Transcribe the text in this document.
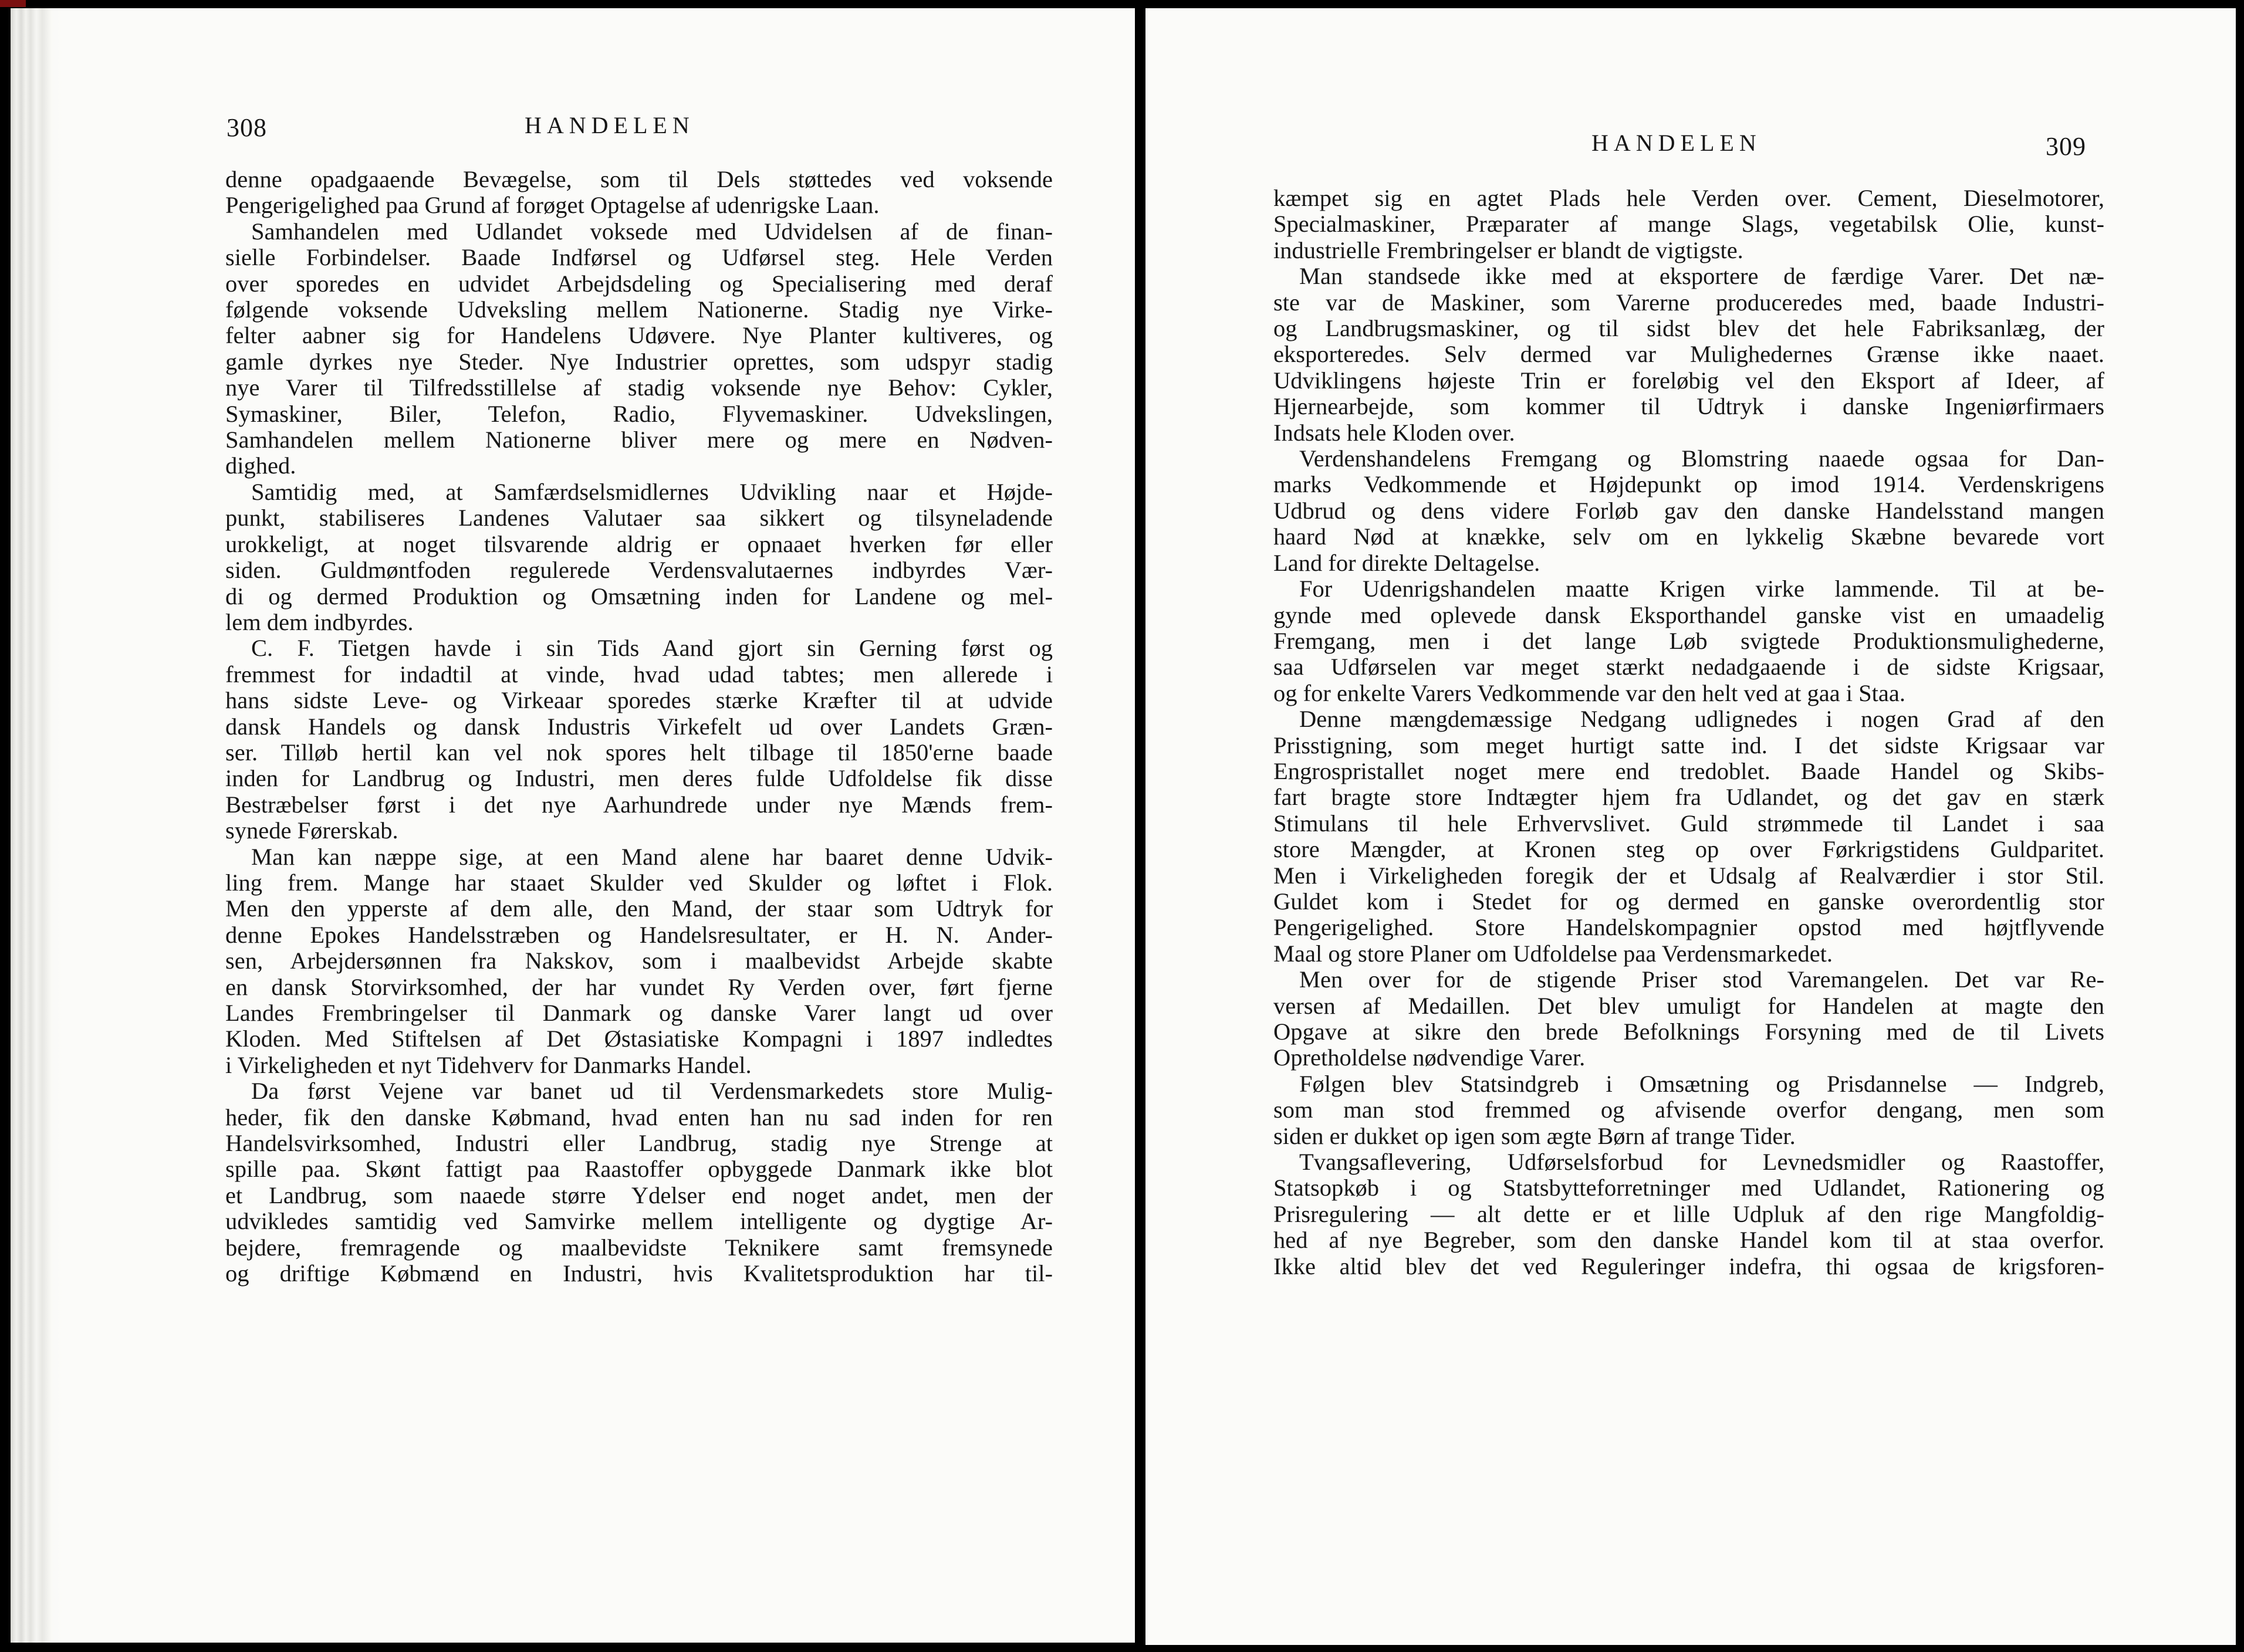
308	HANDELEN
denne opadgaaende Bevægelse, som til Dels støttedes ved voksende
Pengerigelighed paa Grund af forøget Optagelse af udenrigske Laan.
Samhandelen med Udlandet voksede med Udvidelsen af de finan-
sielle Forbindelser. Baade Indførsel og Udførsel steg. Hele Verden
over sporedes en udvidet Arbejdsdeling og Specialisering med deraf
følgende voksende Udveksling mellem Nationerne. Stadig nye Virke-
felter aabner sig for Handelens Udøvere. Nye Planter kultiveres, og
gamle dyrkes nye Steder. Nye Industrier oprettes, som udspyr stadig
nye Varer til Tilfredsstillelse af stadig voksende nye Behov: Cykler,
Symaskiner, Biler, Telefon, Radio, Flyvemaskiner. Udvekslingen,
Samhandelen mellem Nationerne bliver mere og mere en Nødven-
dighed.
Samtidig med, at Samfærdselsmidlernes Udvikling naar et Højde-
punkt, stabiliseres Landenes Valutaer saa sikkert og tilsyneladende
urokkeligt, at noget tilsvarende aldrig er opnaaet hverken før eller
siden. Guldmøntfoden regulerede Verdensvalutaernes indbyrdes Vær-
di og dermed Produktion og Omsætning inden for Landene og mel-
lem dem indbyrdes.
C. F. Tietgen havde i sin Tids Aand gjort sin Gerning først og
fremmest for indadtil at vinde, hvad udad tabtes; men allerede i
hans sidste Leve- og Virkeaar sporedes stærke Kræfter til at udvide
dansk Handels og dansk Industris Virkefelt ud over Landets Græn-
ser. Tilløb hertil kan vel nok spores helt tilbage til 1850'erne baade
inden for Landbrug og Industri, men deres fulde Udfoldelse fik disse
Bestræbelser først i det nye Aarhundrede under nye Mænds frem-
synede Førerskab.
Man kan næppe sige, at een Mand alene har baaret denne Udvik-
ling frem. Mange har staaet Skulder ved Skulder og løftet i Flok.
Men den ypperste af dem alle, den Mand, der staar som Udtryk for
denne Epokes Handelsstræben og Handelsresultater, er H. N. Ander-
sen, Arbejdersønnen fra Nakskov, som i maalbevidst Arbejde skabte
en dansk Storvirksomhed, der har vundet Ry Verden over, ført fjerne
Landes Frembringelser til Danmark og danske Varer langt ud over
Kloden. Med Stiftelsen af Det Østasiatiske Kompagni i 1897 indledtes
i Virkeligheden et nyt Tidehverv for Danmarks Handel.
Da først Vejene var banet ud til Verdensmarkedets store Mulig-
heder, fik den danske Købmand, hvad enten han nu sad inden for ren
Handelsvirksomhed, Industri eller Landbrug, stadig nye Strenge at
spille paa. Skønt fattigt paa Raastoffer opbyggede Danmark ikke blot
et Landbrug, som naaede større Ydelser end noget andet, men der
udvikledes samtidig ved Samvirke mellem intelligente og dygtige Ar-
bejdere, fremragende og maalbevidste Teknikere samt fremsynede
og driftige Købmænd en Industri, hvis Kvalitetsproduktion har til-
HANDELEN	309
kæmpet sig en agtet Plads hele Verden over. Cement, Dieselmotorer,
Specialmaskiner, Præparater af mange Slags, vegetabilsk Olie, kunst-
industrielle Frembringelser er blandt de vigtigste.
Man standsede ikke med at eksportere de færdige Varer. Det næ-
ste var de Maskiner, som Varerne produceredes med, baade Industri-
og Landbrugsmaskiner, og til sidst blev det hele Fabriksanlæg, der
eksporteredes. Selv dermed var Mulighedernes Grænse ikke naaet.
Udviklingens højeste Trin er foreløbig vel den Eksport af Ideer, af
Hjernearbejde, som kommer til Udtryk i danske Ingeniørfirmaers
Indsats hele Kloden over.
Verdenshandelens Fremgang og Blomstring naaede ogsaa for Dan-
marks Vedkommende et Højdepunkt op imod 1914. Verdenskrigens
Udbrud og dens videre Forløb gav den danske Handelsstand mangen
haard Nød at knække, selv om en lykkelig Skæbne bevarede vort
Land for direkte Deltagelse.
For Udenrigshandelen maatte Krigen virke lammende. Til at be-
gynde med oplevede dansk Eksporthandel ganske vist en umaadelig
Fremgang, men i det lange Løb svigtede Produktionsmulighederne,
saa Udførselen var meget stærkt nedadgaaende i de sidste Krigsaar,
og for enkelte Varers Vedkommende var den helt ved at gaa i Staa.
Denne mængdemæssige Nedgang udlignedes i nogen Grad af den
Prisstigning, som meget hurtigt satte ind. I det sidste Krigsaar var
Engrospristallet noget mere end tredoblet. Baade Handel og Skibs-
fart bragte store Indtægter hjem fra Udlandet, og det gav en stærk
Stimulans til hele Erhvervslivet. Guld strømmede til Landet i saa
store Mængder, at Kronen steg op over Førkrigstidens Guldparitet.
Men i Virkeligheden foregik der et Udsalg af Realværdier i stor Stil.
Guldet kom i Stedet for og dermed en ganske overordentlig stor
Pengerigelighed. Store Handelskompagnier opstod med højtflyvende
Maal og store Planer om Udfoldelse paa Verdensmarkedet.
Men over for de stigende Priser stod Varemangelen. Det var Re-
versen af Medaillen. Det blev umuligt for Handelen at magte den
Opgave at sikre den brede Befolknings Forsyning med de til Livets
Opretholdelse nødvendige Varer.
Følgen blev Statsindgreb i Omsætning og Prisdannelse — Indgreb,
som man stod fremmed og afvisende overfor dengang, men som
siden er dukket op igen som ægte Børn af trange Tider.
Tvangsaflevering, Udførselsforbud for Levnedsmidler og Raastoffer,
Statsopkøb i og Statsbytteforretninger med Udlandet, Rationering og
Prisregulering — alt dette er et lille Udpluk af den rige Mangfoldig-
hed af nye Begreber, som den danske Handel kom til at staa overfor.
Ikke altid blev det ved Reguleringer indefra, thi ogsaa de krigsforen-
